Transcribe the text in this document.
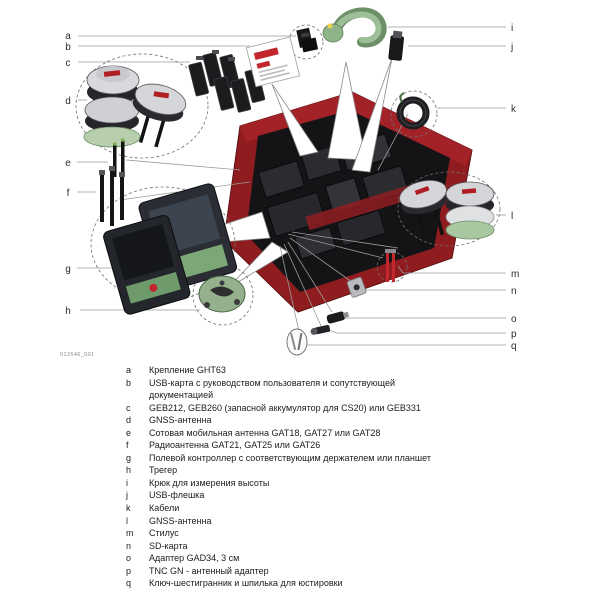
a
b
c
d
e
f
g
h
i
j
k
l
m
n
o
p
q
012646_001
a	Крепление GHT63
b	USB-карта с руководством пользователя и сопутствующей документацией
c	GEB212, GEB260 (запасной аккумулятор для CS20) или GEB331
d	GNSS-антенна
e	Сотовая мобильная антенна GAT18, GAT27 или GAT28
f	Радиоантенна GAT21, GAT25 или GAT26
g	Полевой контроллер с соответствующим держателем или планшет
h	Трегер
i	Крюк для измерения высоты
j	USB-флешка
k	Кабели
l	GNSS-антенна
m	Стилус
n	SD-карта
o	Адаптер GAD34, 3 см
p	TNC GN - антенный адаптер
q	Ключ-шестигранник и шпилька для юстировки
